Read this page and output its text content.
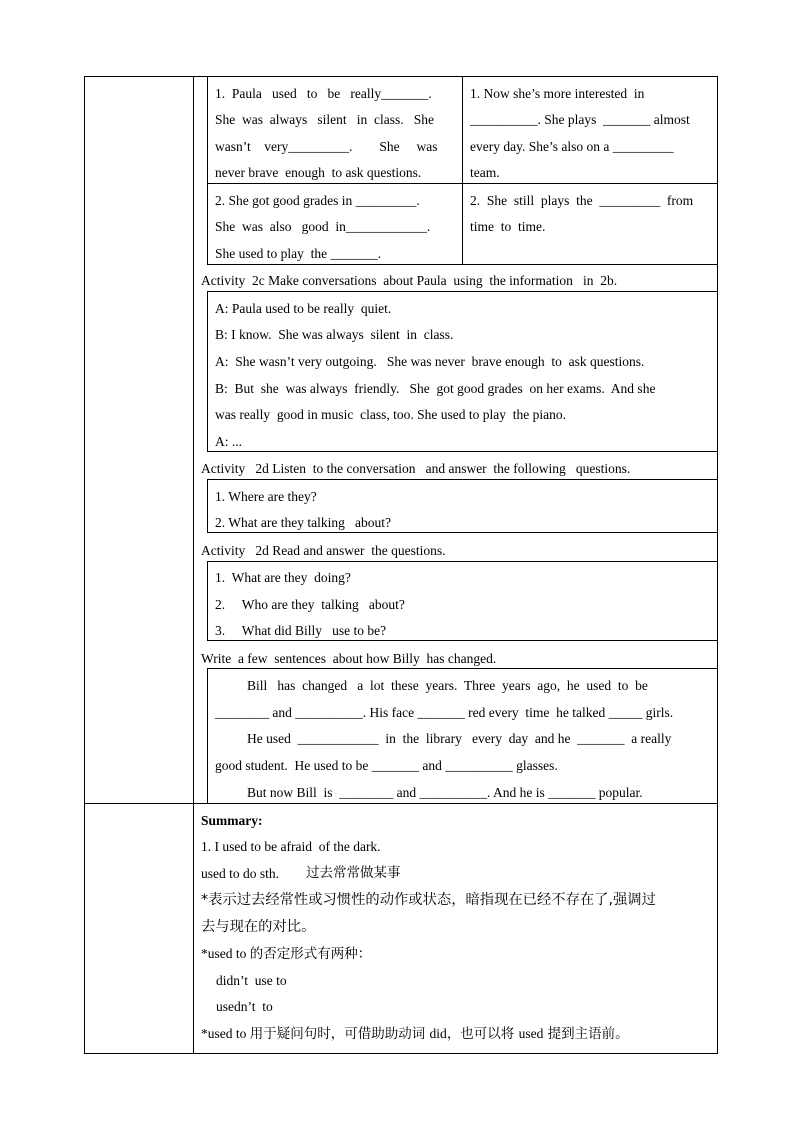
1.  Paula   used   to   be   really_______.
She  was  always   silent   in  class.   She
wasn’t    very_________.        She     was
never brave  enough  to ask questions.
1. Now she’s more interested  in
__________. She plays  _______ almost
every day. She’s also on a _________
team.
2. She got good grades in _________.
She  was  also   good  in____________.
She used to play  the _______.
2.  She  still  plays  the  _________  from
time  to  time.
Activity  2c Make conversations  about Paula  using  the information   in  2b.
A: Paula used to be really  quiet.
B: I know.  She was always  silent  in  class.
A:  She wasn’t very outgoing.   She was never  brave enough  to  ask questions.
B:  But  she  was always  friendly.   She  got good grades  on her exams.  And she
was really  good in music  class, too. She used to play  the piano.
A: ...
Activity   2d Listen  to the conversation   and answer  the following   questions.
1. Where are they?
2. What are they talking   about?
Activity   2d Read and answer  the questions.
1.  What are they  doing?
2.     Who are they  talking   about?
3.     What did Billy   use to be?
Write  a few  sentences  about how Billy  has changed.
Bill   has  changed   a  lot  these  years.  Three  years  ago,  he  used  to  be
________ and __________. His face _______ red every  time  he talked _____ girls.
He used  ____________  in  the  library   every  day  and he  _______  a really
good student.  He used to be _______ and __________ glasses.
But now Bill  is  ________ and __________. And he is _______ popular.
Summary:
1. I used to be afraid  of the dark.
used to do sth. 过去常常做某事
*表示过去经常性或习惯性的动作或状态，暗指现在已经不存在了,强调过
去与现在的对比。
*used to 的否定形式有两种：
didn’t  use to
usedn’t  to
*used to 用于疑问句时，可借助助动词 did，也可以将 used 提到主语前。
